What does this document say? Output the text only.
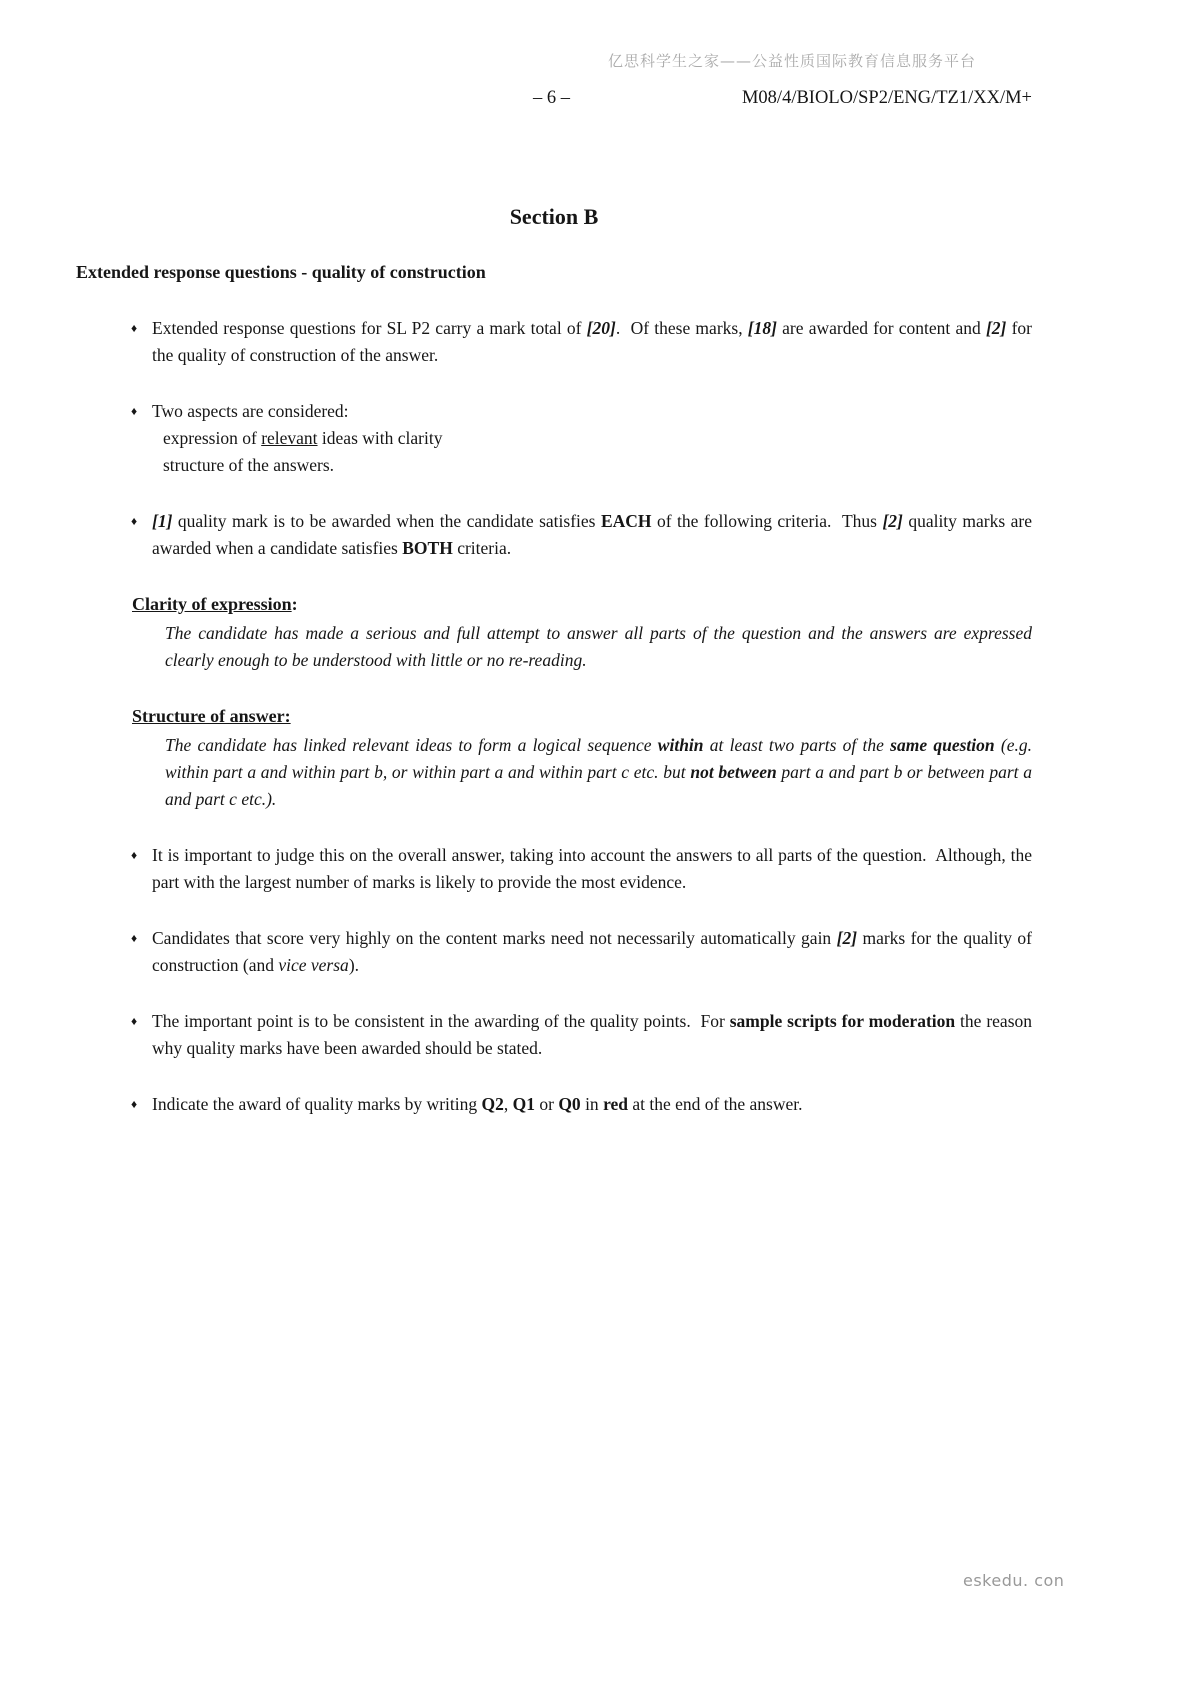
亿思科学生之家——公益性质国际教育信息服务平台
– 6 –	M08/4/BIOLO/SP2/ENG/TZ1/XX/M+
Section B
Extended response questions - quality of construction
♦ Extended response questions for SL P2 carry a mark total of [20].  Of these marks, [18] are awarded for content and [2] for the quality of construction of the answer.
♦ Two aspects are considered:
expression of relevant ideas with clarity
structure of the answers.
♦ [1] quality mark is to be awarded when the candidate satisfies EACH of the following criteria.  Thus [2] quality marks are awarded when a candidate satisfies BOTH criteria.
Clarity of expression:
The candidate has made a serious and full attempt to answer all parts of the question and the answers are expressed clearly enough to be understood with little or no re-reading.
Structure of answer:
The candidate has linked relevant ideas to form a logical sequence within at least two parts of the same question (e.g. within part a and within part b, or within part a and within part c etc. but not between part a and part b or between part a and part c etc.).
♦ It is important to judge this on the overall answer, taking into account the answers to all parts of the question.  Although, the part with the largest number of marks is likely to provide the most evidence.
♦ Candidates that score very highly on the content marks need not necessarily automatically gain [2] marks for the quality of construction (and vice versa).
♦ The important point is to be consistent in the awarding of the quality points.  For sample scripts for moderation the reason why quality marks have been awarded should be stated.
♦ Indicate the award of quality marks by writing Q2, Q1 or Q0 in red at the end of the answer.
eskedu. con
